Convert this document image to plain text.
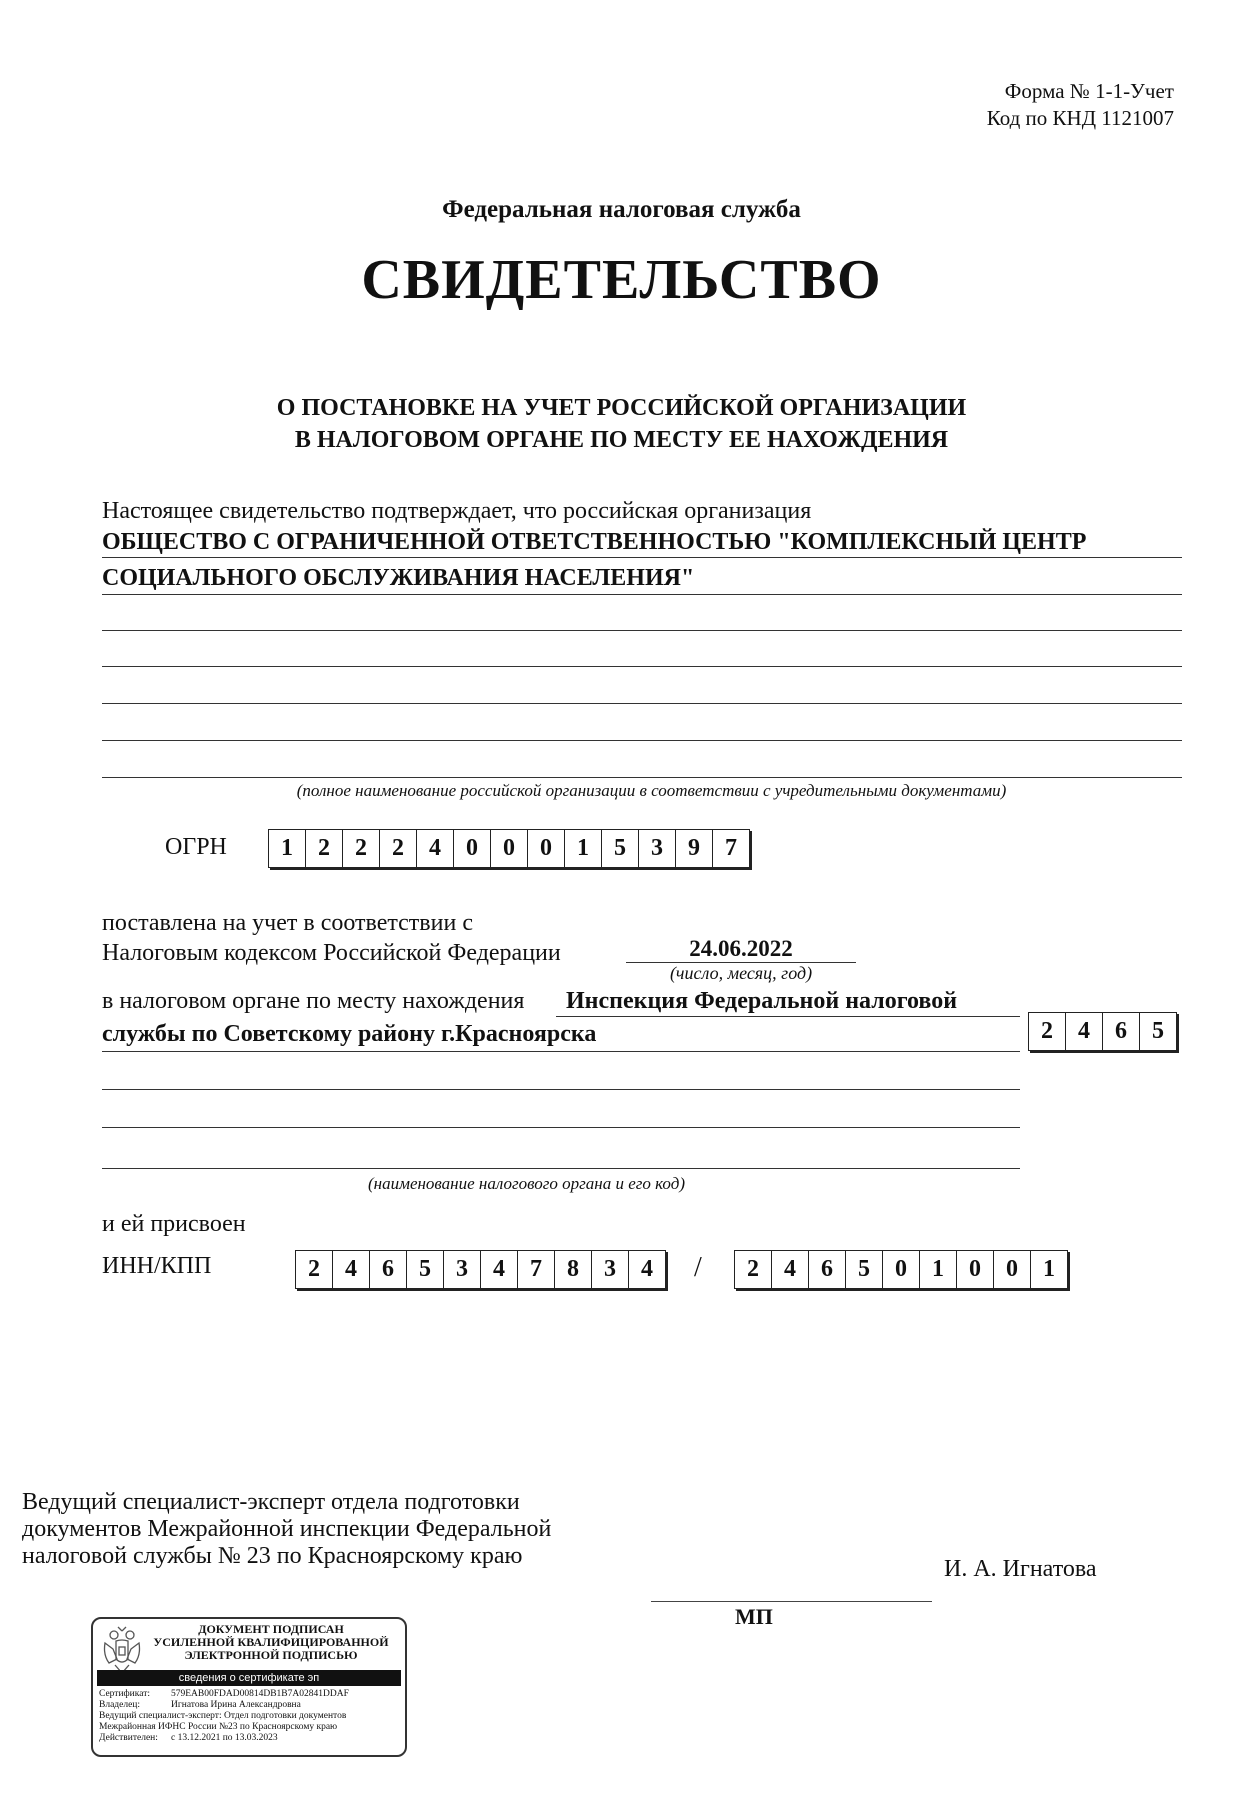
Форма № 1-1-Учет
Код по КНД 1121007
Федеральная налоговая служба
СВИДЕТЕЛЬСТВО
О ПОСТАНОВКЕ НА УЧЕТ РОССИЙСКОЙ ОРГАНИЗАЦИИ
В НАЛОГОВОМ ОРГАНЕ ПО МЕСТУ ЕЕ НАХОЖДЕНИЯ
Настоящее свидетельство подтверждает, что российская организация
ОБЩЕСТВО С ОГРАНИЧЕННОЙ ОТВЕТСТВЕННОСТЬЮ "КОМПЛЕКСНЫЙ ЦЕНТР
СОЦИАЛЬНОГО ОБСЛУЖИВАНИЯ НАСЕЛЕНИЯ"
(полное наименование российской организации в соответствии с учредительными документами)
ОГРН	1	2	2	2	4	0	0	0	1	5	3	9	7
поставлена на учет в соответствии с
Налоговым кодексом Российской Федерации	24.06.2022
(число, месяц, год)
в налоговом органе по месту нахождения Инспекция Федеральной налоговой
службы по Советскому району г.Красноярска	2	4	6	5
(наименование налогового органа и его код)
и ей присвоен
ИНН/КПП	2	4	6	5	3	4	7	8	3	4	/	2	4	6	5	0	1	0	0	1
Ведущий специалист-эксперт отдела подготовки
документов Межрайонной инспекции Федеральной
налоговой службы № 23 по Красноярскому краю	И. А. Игнатова
МП
ДОКУМЕНТ ПОДПИСАН
УСИЛЕННОЙ КВАЛИФИЦИРОВАННОЙ
ЭЛЕКТРОННОЙ ПОДПИСЬЮ
сведения о сертификате эп
Сертификат: 579EAB00FDAD00814DB1B7A02841DDAF
Владелец:	Игнатова Ирина Александровна
Ведущий специалист-эксперт: Отдел подготовки документов
Межрайонная ИФНС России №23 по Красноярскому краю
Действителен: с 13.12.2021 по 13.03.2023
